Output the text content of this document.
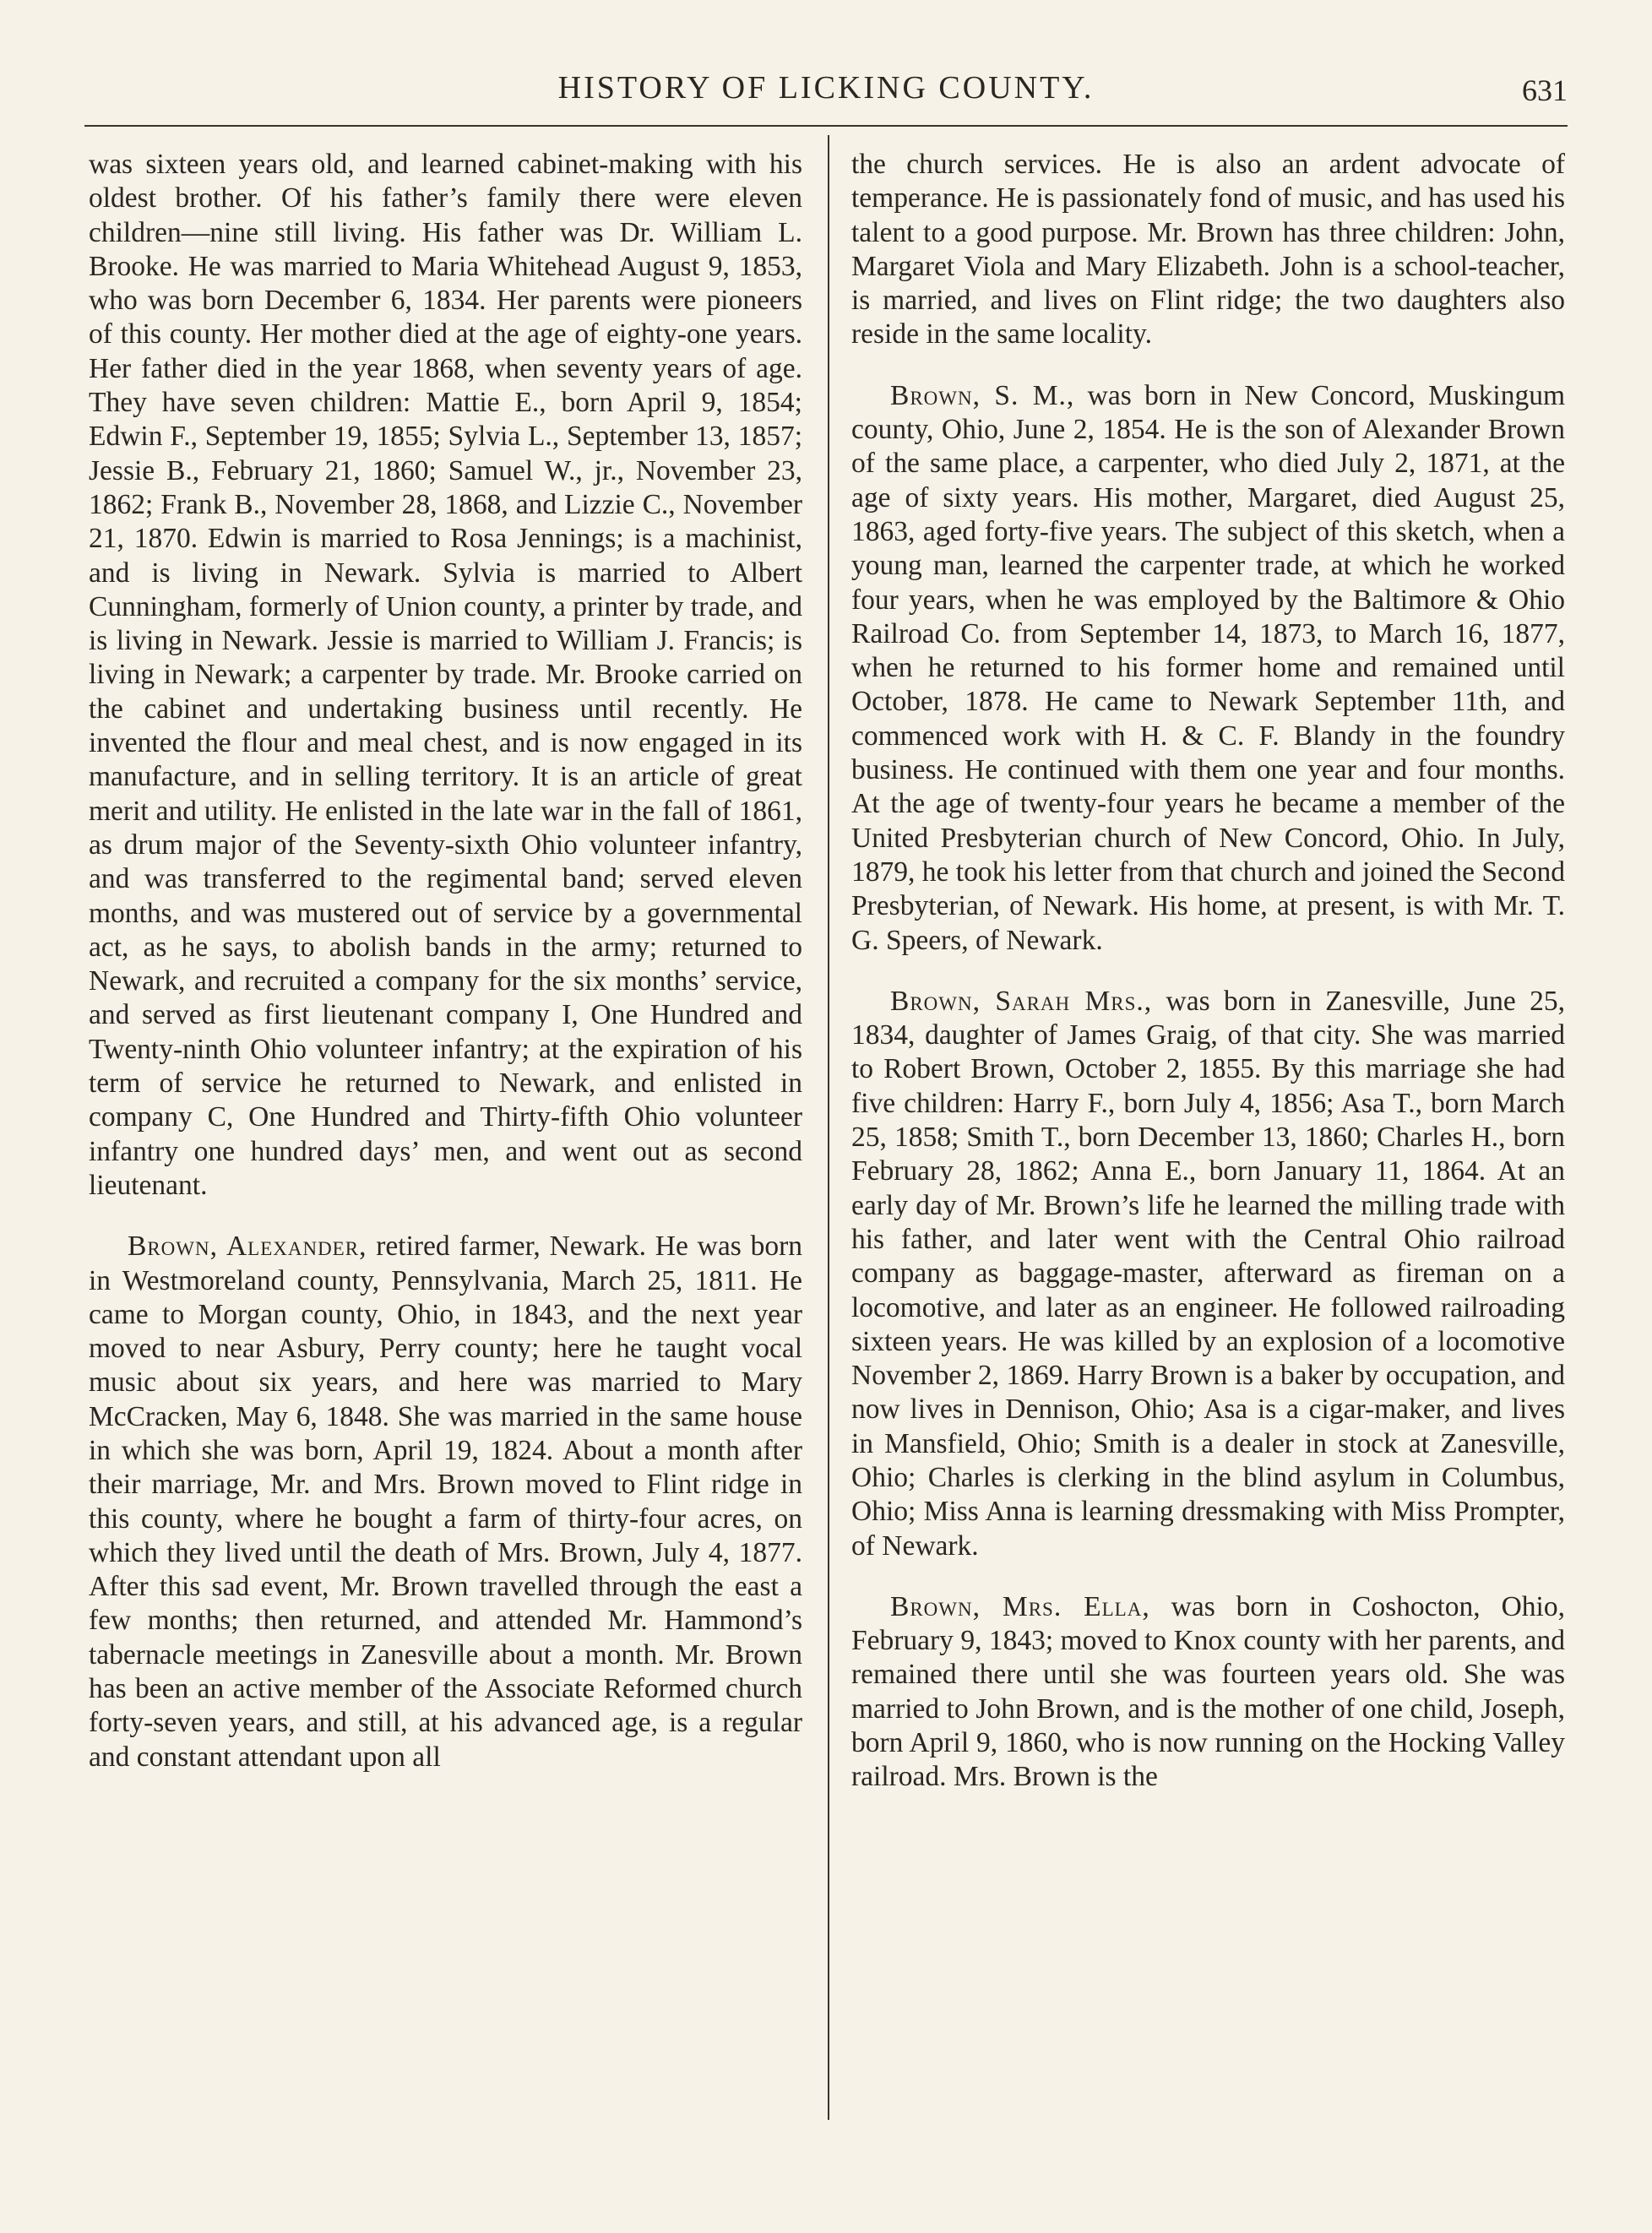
HISTORY OF LICKING COUNTY.	631

was sixteen years old, and learned cabinet-making with his oldest brother. Of his father’s family there were eleven children—nine still living. His father was Dr. William L. Brooke. He was married to Maria Whitehead August 9, 1853, who was born December 6, 1834. Her parents were pioneers of this county. Her mother died at the age of eighty-one years. Her father died in the year 1868, when seventy years of age. They have seven children: Mattie E., born April 9, 1854; Edwin F., September 19, 1855; Sylvia L., September 13, 1857; Jessie B., February 21, 1860; Samuel W., jr., November 23, 1862; Frank B., November 28, 1868, and Lizzie C., November 21, 1870. Edwin is married to Rosa Jennings; is a machinist, and is living in Newark. Sylvia is married to Albert Cunningham, formerly of Union county, a printer by trade, and is living in Newark. Jessie is married to William J. Francis; is living in Newark; a carpenter by trade. Mr. Brooke carried on the cabinet and undertaking business until recently. He invented the flour and meal chest, and is now engaged in its manufacture, and in selling territory. It is an article of great merit and utility. He enlisted in the late war in the fall of 1861, as drum major of the Seventy-sixth Ohio volunteer infantry, and was transferred to the regimental band; served eleven months, and was mustered out of service by a governmental act, as he says, to abolish bands in the army; returned to Newark, and recruited a company for the six months’ service, and served as first lieutenant company I, One Hundred and Twenty-ninth Ohio volunteer infantry; at the expiration of his term of service he returned to Newark, and enlisted in company C, One Hundred and Thirty-fifth Ohio volunteer infantry one hundred days’ men, and went out as second lieutenant.

Brown, Alexander, retired farmer, Newark. He was born in Westmoreland county, Pennsylvania, March 25, 1811. He came to Morgan county, Ohio, in 1843, and the next year moved to near Asbury, Perry county; here he taught vocal music about six years, and here was married to Mary McCracken, May 6, 1848. She was married in the same house in which she was born, April 19, 1824. About a month after their marriage, Mr. and Mrs. Brown moved to Flint ridge in this county, where he bought a farm of thirty-four acres, on which they lived until the death of Mrs. Brown, July 4, 1877. After this sad event, Mr. Brown travelled through the east a few months; then returned, and attended Mr. Hammond’s tabernacle meetings in Zanesville about a month. Mr. Brown has been an active member of the Associate Reformed church forty-seven years, and still, at his advanced age, is a regular and constant attendant upon all

the church services. He is also an ardent advocate of temperance. He is passionately fond of music, and has used his talent to a good purpose. Mr. Brown has three children: John, Margaret Viola and Mary Elizabeth. John is a school-teacher, is married, and lives on Flint ridge; the two daughters also reside in the same locality.

Brown, S. M., was born in New Concord, Muskingum county, Ohio, June 2, 1854. He is the son of Alexander Brown of the same place, a carpenter, who died July 2, 1871, at the age of sixty years. His mother, Margaret, died August 25, 1863, aged forty-five years. The subject of this sketch, when a young man, learned the carpenter trade, at which he worked four years, when he was employed by the Baltimore & Ohio Railroad Co. from September 14, 1873, to March 16, 1877, when he returned to his former home and remained until October, 1878. He came to Newark September 11th, and commenced work with H. & C. F. Blandy in the foundry business. He continued with them one year and four months. At the age of twenty-four years he became a member of the United Presbyterian church of New Concord, Ohio. In July, 1879, he took his letter from that church and joined the Second Presbyterian, of Newark. His home, at present, is with Mr. T. G. Speers, of Newark.

Brown, Sarah Mrs., was born in Zanesville, June 25, 1834, daughter of James Graig, of that city. She was married to Robert Brown, October 2, 1855. By this marriage she had five children: Harry F., born July 4, 1856; Asa T., born March 25, 1858; Smith T., born December 13, 1860; Charles H., born February 28, 1862; Anna E., born January 11, 1864. At an early day of Mr. Brown’s life he learned the milling trade with his father, and later went with the Central Ohio railroad company as baggage-master, afterward as fireman on a locomotive, and later as an engineer. He followed railroading sixteen years. He was killed by an explosion of a locomotive November 2, 1869. Harry Brown is a baker by occupation, and now lives in Dennison, Ohio; Asa is a cigar-maker, and lives in Mansfield, Ohio; Smith is a dealer in stock at Zanesville, Ohio; Charles is clerking in the blind asylum in Columbus, Ohio; Miss Anna is learning dressmaking with Miss Prompter, of Newark.

Brown, Mrs. Ella, was born in Coshocton, Ohio, February 9, 1843; moved to Knox county with her parents, and remained there until she was fourteen years old. She was married to John Brown, and is the mother of one child, Joseph, born April 9, 1860, who is now running on the Hocking Valley railroad. Mrs. Brown is the
